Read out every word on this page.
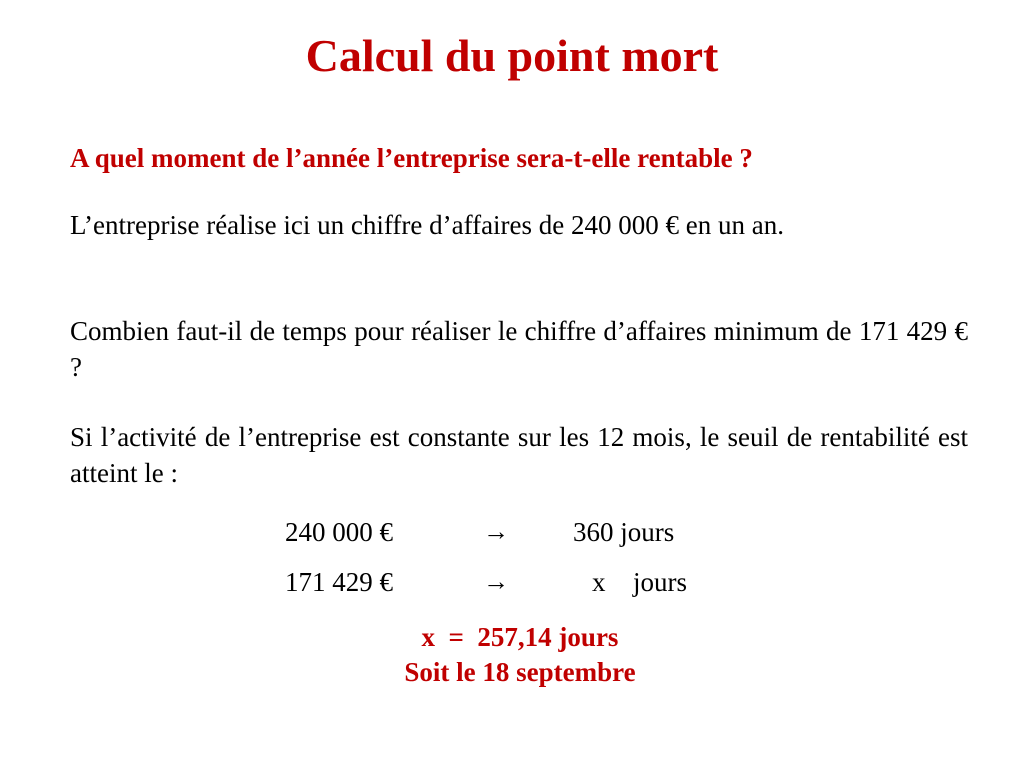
Calcul du point mort
A quel moment de l’année l’entreprise sera-t-elle rentable ?
L’entreprise réalise ici un chiffre d’affaires de 240 000 € en un an.
Combien faut-il de temps pour réaliser le chiffre d’affaires minimum de 171 429 € ?
Si l’activité de l’entreprise est constante sur les 12 mois, le seuil de rentabilité est atteint le :
240 000 €	→ 360 jours
171 429 €	→	x jours
x  =  257,14 jours
Soit le 18 septembre
